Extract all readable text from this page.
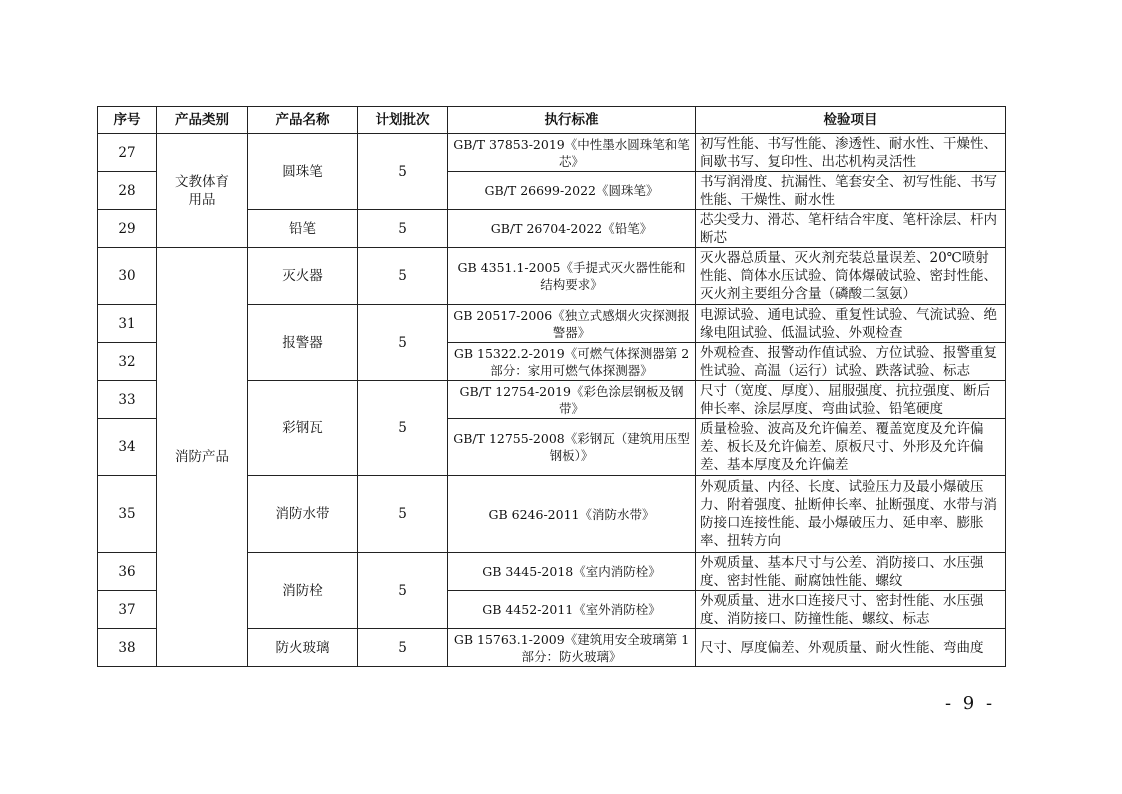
序号	产品类别	产品名称	计划批次	执行标准	检验项目
27	文教体育用品	圆珠笔	5	GB/T 37853-2019《中性墨水圆珠笔和笔芯》	初写性能、书写性能、渗透性、耐水性、干燥性、间歇书写、复印性、出芯机构灵活性
28				GB/T 26699-2022《圆珠笔》	书写润滑度、抗漏性、笔套安全、初写性能、书写性能、干燥性、耐水性
29		铅笔	5	GB/T 26704-2022《铅笔》	芯尖受力、滑芯、笔杆结合牢度、笔杆涂层、杆内断芯
30	消防产品	灭火器	5	GB 4351.1-2005《手提式灭火器性能和结构要求》	灭火器总质量、灭火剂充装总量误差、20℃喷射性能、筒体水压试验、筒体爆破试验、密封性能、灭火剂主要组分含量（磷酸二氢氨）
31		报警器	5	GB 20517-2006《独立式感烟火灾探测报警器》	电源试验、通电试验、重复性试验、气流试验、绝缘电阻试验、低温试验、外观检查
32				GB 15322.2-2019《可燃气体探测器第 2 部分：家用可燃气体探测器》	外观检查、报警动作值试验、方位试验、报警重复性试验、高温（运行）试验、跌落试验、标志
33		彩钢瓦	5	GB/T 12754-2019《彩色涂层钢板及钢带》	尺寸（宽度、厚度）、屈服强度、抗拉强度、断后伸长率、涂层厚度、弯曲试验、铅笔硬度
34				GB/T 12755-2008《彩钢瓦（建筑用压型钢板）》	质量检验、波高及允许偏差、覆盖宽度及允许偏差、板长及允许偏差、原板尺寸、外形及允许偏差、基本厚度及允许偏差
35		消防水带	5	GB 6246-2011《消防水带》	外观质量、内径、长度、试验压力及最小爆破压力、附着强度、扯断伸长率、扯断强度、水带与消防接口连接性能、最小爆破压力、延申率、膨胀率、扭转方向
36		消防栓	5	GB 3445-2018《室内消防栓》	外观质量、基本尺寸与公差、消防接口、水压强度、密封性能、耐腐蚀性能、螺纹
37				GB 4452-2011《室外消防栓》	外观质量、进水口连接尺寸、密封性能、水压强度、消防接口、防撞性能、螺纹、标志
38		防火玻璃	5	GB 15763.1-2009《建筑用安全玻璃第 1 部分：防火玻璃》	尺寸、厚度偏差、外观质量、耐火性能、弯曲度
- 9 -
